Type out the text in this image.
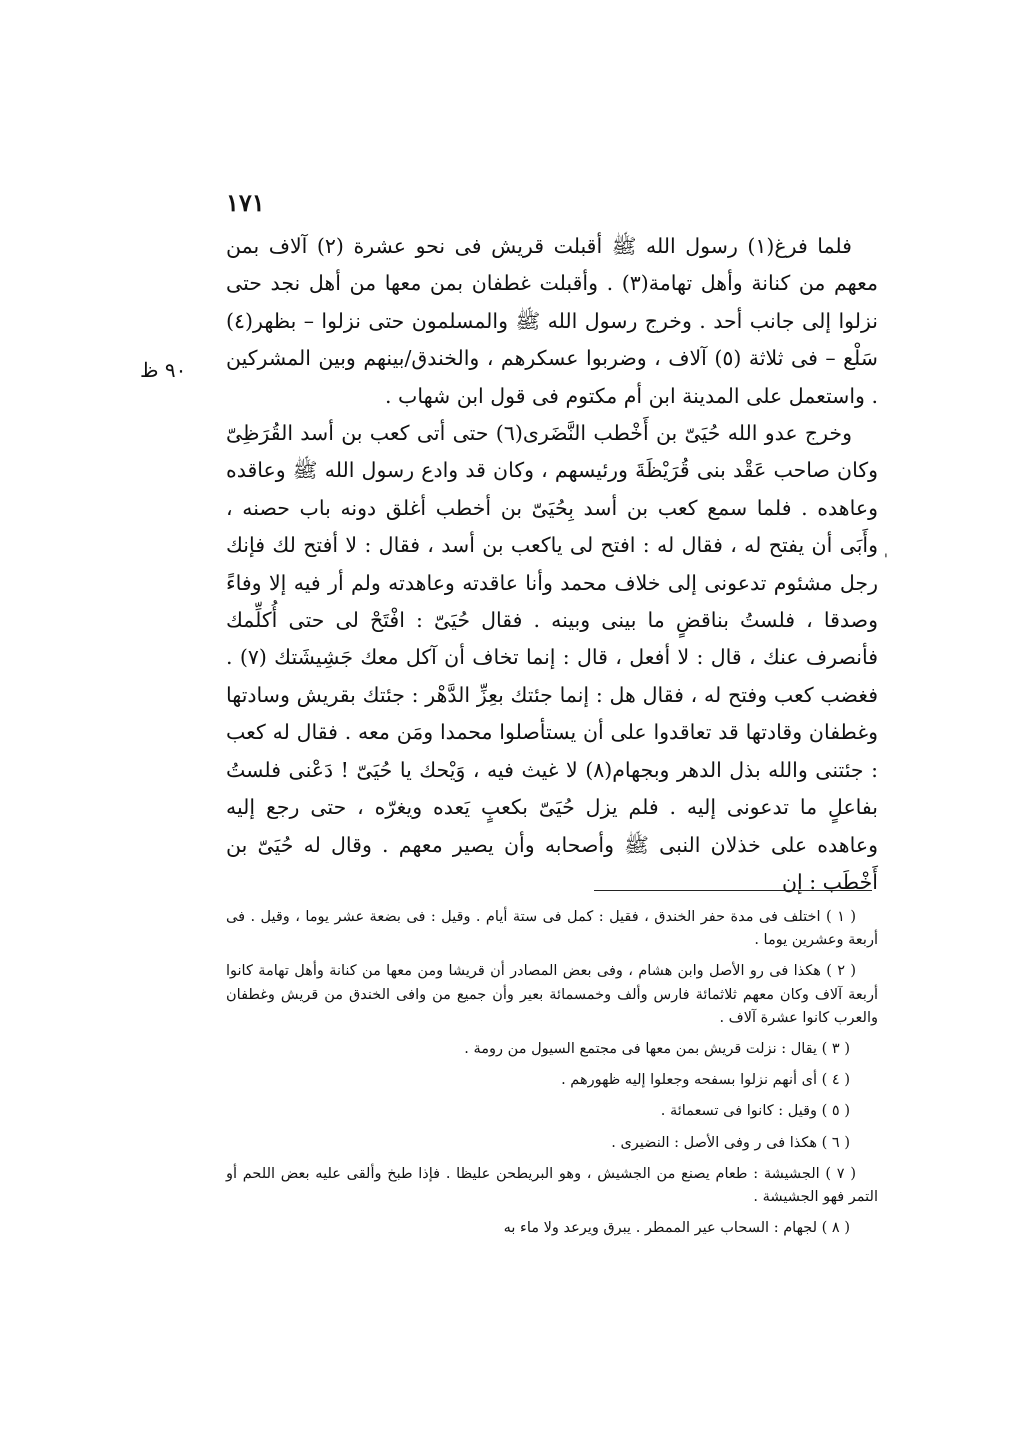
١٧١
٩٠ ظ
'

فلما فرغ(١) رسول الله ﷺ أقبلت قريش فى نحو عشرة (٢) آلاف بمن معهم من كنانة وأهل تهامة(٣) . وأقبلت غطفان بمن معها من أهل نجد حتى نزلوا إلى جانب أحد . وخرج رسول الله ﷺ والمسلمون حتى نزلوا – بظهر(٤) سَلْع – فى ثلاثة (٥) آلاف ، وضربوا عسكرهم ، والخندق/بينهم وبين المشركين . واستعمل على المدينة ابن أم مكتوم فى قول ابن شهاب .

وخرج عدو الله حُيَىّ بن أَخْطب النَّضَرى(٦) حتى أتى كعب بن أسد القُرَظِىّ وكان صاحب عَقْد بنى قُرَيْظَةَ ورئيسهم ، وكان قد وادع رسول الله ﷺ وعاقده وعاهده . فلما سمع كعب بن أسد بِحُيَىّ بن أخطب أغلق دونه باب حصنه ، وأَبَى أن يفتح له ، فقال له : افتح لى ياكعب بن أسد ، فقال : لا أفتح لك فإنك رجل مشئوم تدعونى إلى خلاف محمد وأنا عاقدته وعاهدته ولم أر فيه إلا وفاءً وصدقا ، فلستُ بناقضٍ ما بينى وبينه . فقال حُيَىّ : افْتَحْ لى حتى أُكلِّمك فأنصرف عنك ، قال : لا أفعل ، قال : إنما تخاف أن آكل معك جَشِيشَتك (٧) . فغضب كعب وفتح له ، فقال هل : إنما جئتك بعِزِّ الدَّهْر : جئتك بقريش وسادتها وغطفان وقادتها قد تعاقدوا على أن يستأصلوا محمدا ومَن معه . فقال له كعب : جئتنى والله بذل الدهر وبجهام(٨) لا غيث فيه ، وَيْحك يا حُيَىّ ! دَعْنى فلستُ بفاعلٍ ما تدعونى إليه . فلم يزل حُيَىّ بكعبٍ يَعده ويغرّه ، حتى رجع إليه وعاهده على خذلان النبى ﷺ وأصحابه وأن يصير معهم . وقال له حُيَىّ بن أَخْطَب : إن

( ١ ) اختلف فى مدة حفر الخندق ، فقيل : كمل فى ستة أيام . وقيل : فى بضعة عشر يوما ، وقيل . فى أربعة وعشرين يوما .

( ٢ ) هكذا فى رو الأصل وابن هشام ، وفى بعض المصادر أن قريشا ومن معها من كنانة وأهل تهامة كانوا أربعة آلاف وكان معهم ثلاثمائة فارس وألف وخمسمائة بعير وأن جميع من وافى الخندق من قريش وغطفان والعرب كانوا عشرة آلاف .

( ٣ ) يقال : نزلت قريش بمن معها فى مجتمع السيول من رومة .

( ٤ ) أى أنهم نزلوا بسفحه وجعلوا إليه ظهورهم .

( ٥ ) وقيل : كانوا فى تسعمائة .

( ٦ ) هكذا فى ر وفى الأصل : النضيرى .

( ٧ ) الجشيشة : طعام يصنع من الجشيش ، وهو البريطحن عليظا . فإذا طبخ وألقى عليه بعض اللحم أو التمر فهو الجشيشة .

( ٨ ) لجهام : السحاب عير الممطر . يبرق ويرعد ولا ماء به
